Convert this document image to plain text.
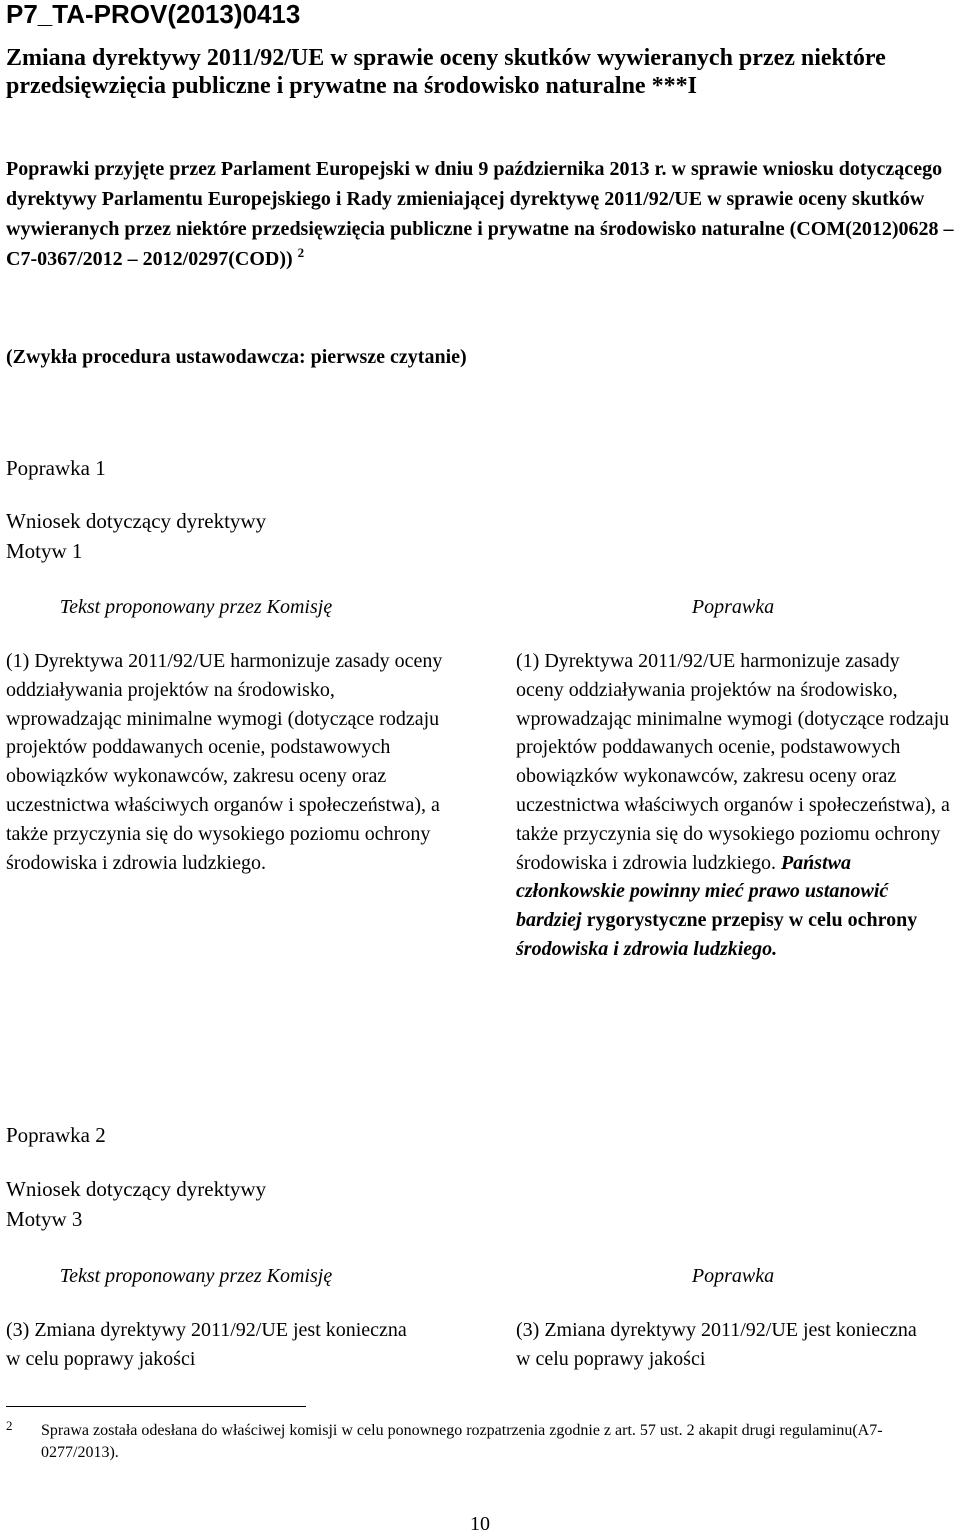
P7_TA-PROV(2013)0413

Zmiana dyrektywy 2011/92/UE w sprawie oceny skutków wywieranych przez niektóre przedsięwzięcia publiczne i prywatne na środowisko naturalne ***I

Poprawki przyjęte przez Parlament Europejski w dniu 9 października 2013 r. w sprawie wniosku dotyczącego dyrektywy Parlamentu Europejskiego i Rady zmieniającej dyrektywę 2011/92/UE w sprawie oceny skutków wywieranych przez niektóre przedsięwzięcia publiczne i prywatne na środowisko naturalne (COM(2012)0628 – C7-0367/2012 – 2012/0297(COD)) $^2$

(Zwykła procedura ustawodawcza: pierwsze czytanie)

Poprawka 1

Wniosek dotyczący dyrektywy

Motyw 1

Tekst proponowany przez Komisję	Poprawka

(1) Dyrektywa 2011/92/UE harmonizuje zasady oceny oddziaływania projektów na środowisko, wprowadzając minimalne wymogi (dotyczące rodzaju projektów poddawanych ocenie, podstawowych obowiązków wykonawców, zakresu oceny oraz uczestnictwa właściwych organów i społeczeństwa), a także przyczynia się do wysokiego poziomu ochrony środowiska i zdrowia ludzkiego.

(1) Dyrektywa 2011/92/UE harmonizuje zasady oceny oddziaływania projektów na środowisko, wprowadzając minimalne wymogi (dotyczące rodzaju projektów poddawanych ocenie, podstawowych obowiązków wykonawców, zakresu oceny oraz uczestnictwa właściwych organów i społeczeństwa), a także przyczynia się do wysokiego poziomu ochrony środowiska i zdrowia ludzkiego. Państwa członkowskie powinny mieć prawo ustanowić bardziej rygorystyczne przepisy w celu ochrony środowiska i zdrowia ludzkiego.

Poprawka 2

Wniosek dotyczący dyrektywy

Motyw 3

Tekst proponowany przez Komisję	Poprawka

(3) Zmiana dyrektywy 2011/92/UE jest konieczna w celu poprawy jakości

(3) Zmiana dyrektywy 2011/92/UE jest konieczna w celu poprawy jakości

2 Sprawa została odesłana do właściwej komisji w celu ponownego rozpatrzenia zgodnie z art. 57 ust. 2 akapit drugi regulaminu(A7-0277/2013).

10
